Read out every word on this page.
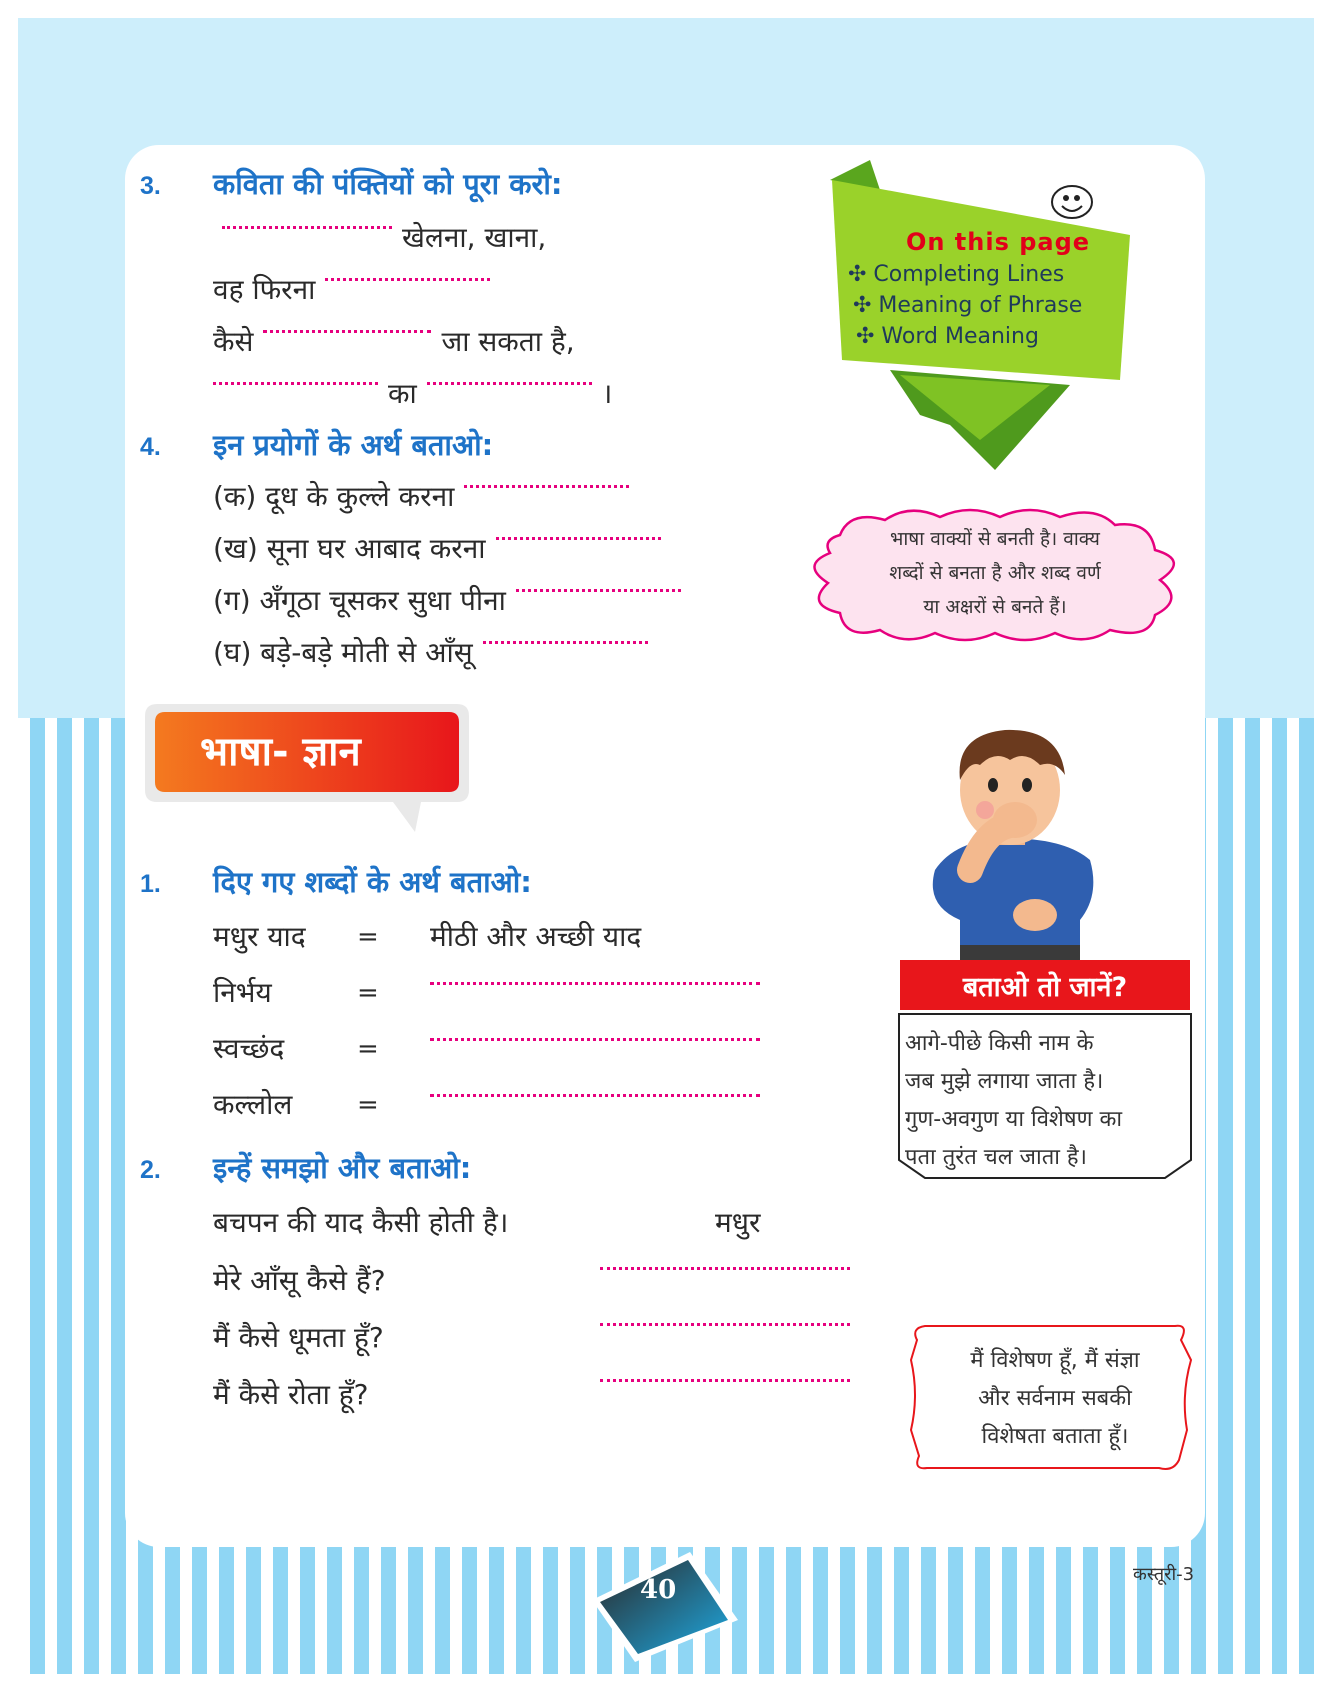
3. कविता की पंक्तियों को पूरा करो:
खेलना, खाना,
वह फिरना
कैसे	जा सकता है,
का	।
4. इन प्रयोगों के अर्थ बताओ:
(क) दूध के कुल्ले करना
(ख) सूना घर आबाद करना
(ग) अँगूठा चूसकर सुधा पीना
(घ) बड़े-बड़े मोती से आँसू
On this page
✣ Completing Lines
✣ Meaning of Phrase
✣ Word Meaning
भाषा वाक्यों से बनती है। वाक्य
शब्दों से बनता है और शब्द वर्ण
या अक्षरों से बनते हैं।
भाषा- ज्ञान
1. दिए गए शब्दों के अर्थ बताओ:
मधुर याद = मीठी और अच्छी याद
निर्भय	=
स्वच्छंद	=
कल्लोल =
2. इन्हें समझो और बताओ:
बचपन की याद कैसी होती है।	मधुर
मेरे आँसू कैसे हैं?
मैं कैसे धूमता हूँ?
मैं कैसे रोता हूँ?
बताओ तो जानें?
आगे-पीछे किसी नाम के
जब मुझे लगाया जाता है।
गुण-अवगुण या विशेषण का
पता तुरंत चल जाता है।
मैं विशेषण हूँ, मैं संज्ञा
और सर्वनाम सबकी
विशेषता बताता हूँ।
40
कस्तूरी-3
